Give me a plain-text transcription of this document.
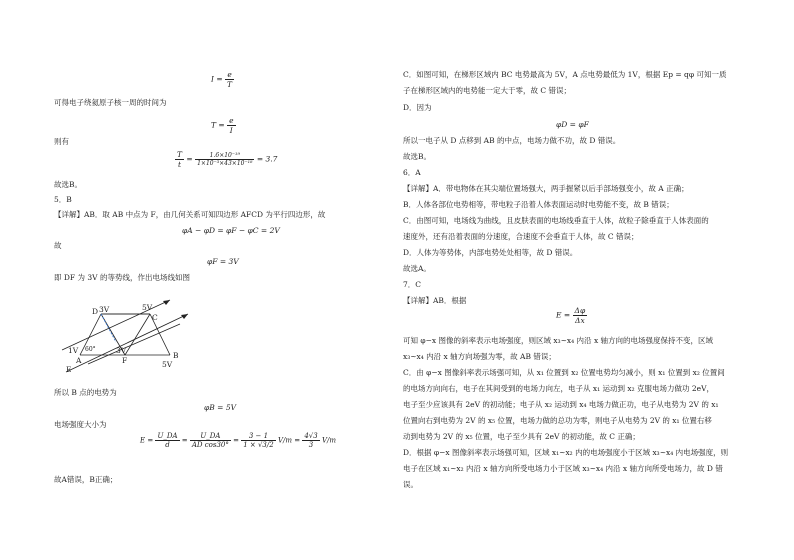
$I = \frac{e}{T}$
可得电子绕氦原子核一周的时间为
$T = \frac{e}{I}$
则有
$\frac{T}{t} = \frac{\text{1.6×10⁻¹⁹}}{\text{1×10⁻³×43×10⁻¹⁸}} = 3.7$
故选B。
5．B
【详解】AB．取 AB 中点为 F，由几何关系可知四边形 AFCD 为平行四边形，故
φA − φD = φF − φC = 2V
故
φF = 3V
即 DF 为 3V 的等势线，作出电场线如图
D 3V	5V
C
1V 60°	3V
A	F
B
E
5V
所以 B 点的电势为
φB = 5V
电场强度大小为
$E = \frac{U\_DA}{d} = \frac{U\_DA}{\text{AD cos30°}} = \frac{3 - 1}{1 \times √3/2} V/m = \frac{4√3}{3} V/m$
故A错误，B正确；
C．如图可知，在梯形区域内 BC 电势最高为 5V，A 点电势最低为 1V，根据 Ep = qφ 可知一质
子在梯形区域内的电势能一定大于零，故 C 错误；
D．因为
φD = φF
所以一电子从 D 点移到 AB 的中点，电场力做不功，故 D 错误。
故选B。
6．A
【详解】A．带电物体在其尖端位置场强大，两手握紧以后手部场强变小，故 A 正确；
B．人体各部位电势相等，带电粒子沿着人体表面运动时电势能不变，故 B 错误；
C．由图可知，电场线为曲线，且皮肤表面的电场线垂直于人体，故粒子除垂直于人体表面的
速度外，还有沿着表面的分速度，合速度不会垂直于人体，故 C 错误；
D．人体为等势体，内部电势处处相等，故 D 错误。
故选A。
7．C
【详解】AB．根据
$E = \frac{\Delta\varphi}{\Delta x}$
可知 φ−x 图像的斜率表示电场强度，则区域 x₃~x₄ 内沿 x 轴方向的电场强度保持不变，区域
x₃~x₄ 内沿 x 轴方向场强为零，故 AB 错误；
C．由 φ−x 图像斜率表示场强可知，从 x₁ 位置到 x₂ 位置电势均匀减小，则 x₁ 位置到 x₂ 位置间
的电场方向向右，电子在其间受到的电场力向左，电子从 x₁ 运动到 x₂ 克服电场力做功 2eV，
电子至少应该具有 2eV 的初动能；电子从 x₂ 运动到 x₄ 电场力做正功，电子从电势为 2V 的 x₁
位置向右到电势为 2V 的 x₅ 位置，电场力做的总功为零，则电子从电势为 2V 的 x₁ 位置右移
动到电势为 2V 的 x₅ 位置，电子至少具有 2eV 的初动能，故 C 正确；
D．根据 φ−x 图像斜率表示场强可知，区域 x₁~x₂ 内的电场强度小于区域 x₃~x₄ 内电场强度，则
电子在区域 x₁~x₂ 内沿 x 轴方向所受电场力小于区域 x₃~x₄ 内沿 x 轴方向所受电场力，故 D 错
误。
